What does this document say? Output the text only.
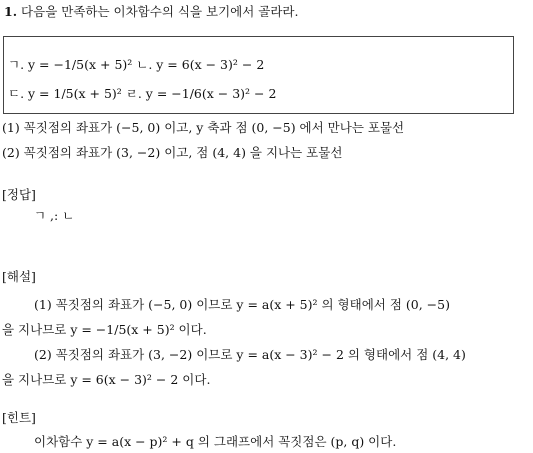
1. 다음을 만족하는 이차함수의 식을 보기에서 골라라.
ㄱ. y = −1/5(x + 5)² ㄴ. y = 6(x − 3)² − 2
ㄷ. y = 1/5(x + 5)² ㄹ. y = −1/6(x − 3)² − 2
(1) 꼭짓점의 좌표가 (−5, 0) 이고, y 축과 점 (0, −5) 에서 만나는 포물선
(2) 꼭짓점의 좌표가 (3, −2) 이고, 점 (4, 4) 을 지나는 포물선
[정답]
ㄱ ,: ㄴ
[해설]
(1) 꼭짓점의 좌표가 (−5, 0) 이므로 y = a(x + 5)² 의 형태에서 점 (0, −5)
을 지나므로 y = −1/5(x + 5)² 이다.
(2) 꼭짓점의 좌표가 (3, −2) 이므로 y = a(x − 3)² − 2 의 형태에서 점 (4, 4)
을 지나므로 y = 6(x − 3)² − 2 이다.
[힌트]
이차함수 y = a(x − p)² + q 의 그래프에서 꼭짓점은 (p, q) 이다.
